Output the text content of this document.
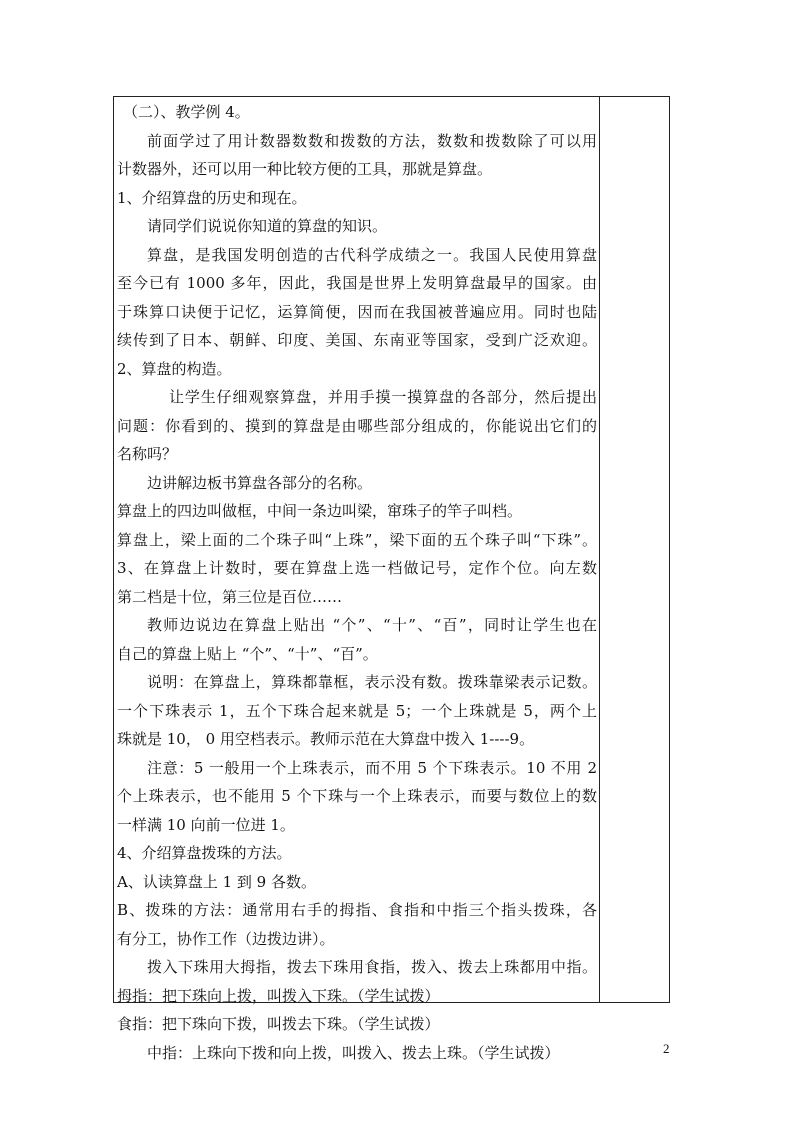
（二）、教学例 4。
前面学过了用计数器数数和拨数的方法，数数和拨数除了可以用
计数器外，还可以用一种比较方便的工具，那就是算盘。
1、介绍算盘的历史和现在。
请同学们说说你知道的算盘的知识。
算盘，是我国发明创造的古代科学成绩之一。我国人民使用算盘
至今已有 1000 多年，因此，我国是世界上发明算盘最早的国家。由
于珠算口诀便于记忆，运算简便，因而在我国被普遍应用。同时也陆
续传到了日本、朝鲜、印度、美国、东南亚等国家，受到广泛欢迎。
2、算盘的构造。
让学生仔细观察算盘，并用手摸一摸算盘的各部分，然后提出
问题：你看到的、摸到的算盘是由哪些部分组成的，你能说出它们的
名称吗？
边讲解边板书算盘各部分的名称。
算盘上的四边叫做框，中间一条边叫梁，窜珠子的竿子叫档。
算盘上，梁上面的二个珠子叫“上珠”，梁下面的五个珠子叫“下珠”。
3、在算盘上计数时，要在算盘上选一档做记号，定作个位。向左数
第二档是十位，第三位是百位……
教师边说边在算盘上贴出 “个”、“十”、“百”，同时让学生也在
自己的算盘上贴上 “个”、“十”、“百”。
说明：在算盘上，算珠都靠框，表示没有数。拨珠靠梁表示记数。
一个下珠表示 1，五个下珠合起来就是 5；一个上珠就是 5，两个上
珠就是 10， 0 用空档表示。教师示范在大算盘中拨入 1----9。
注意：5 一般用一个上珠表示，而不用 5 个下珠表示。10 不用 2
个上珠表示，也不能用 5 个下珠与一个上珠表示，而要与数位上的数
一样满 10 向前一位进 1。
4、介绍算盘拨珠的方法。
A、认读算盘上 1 到 9 各数。
B、拨珠的方法：通常用右手的拇指、食指和中指三个指头拨珠，各
有分工，协作工作（边拨边讲）。
拨入下珠用大拇指，拨去下珠用食指，拨入、拨去上珠都用中指。
拇指：把下珠向上拨，叫拨入下珠。（学生试拨）
食指：把下珠向下拨，叫拨去下珠。（学生试拨）
中指：上珠向下拨和向上拨，叫拨入、拨去上珠。（学生试拨）	2
